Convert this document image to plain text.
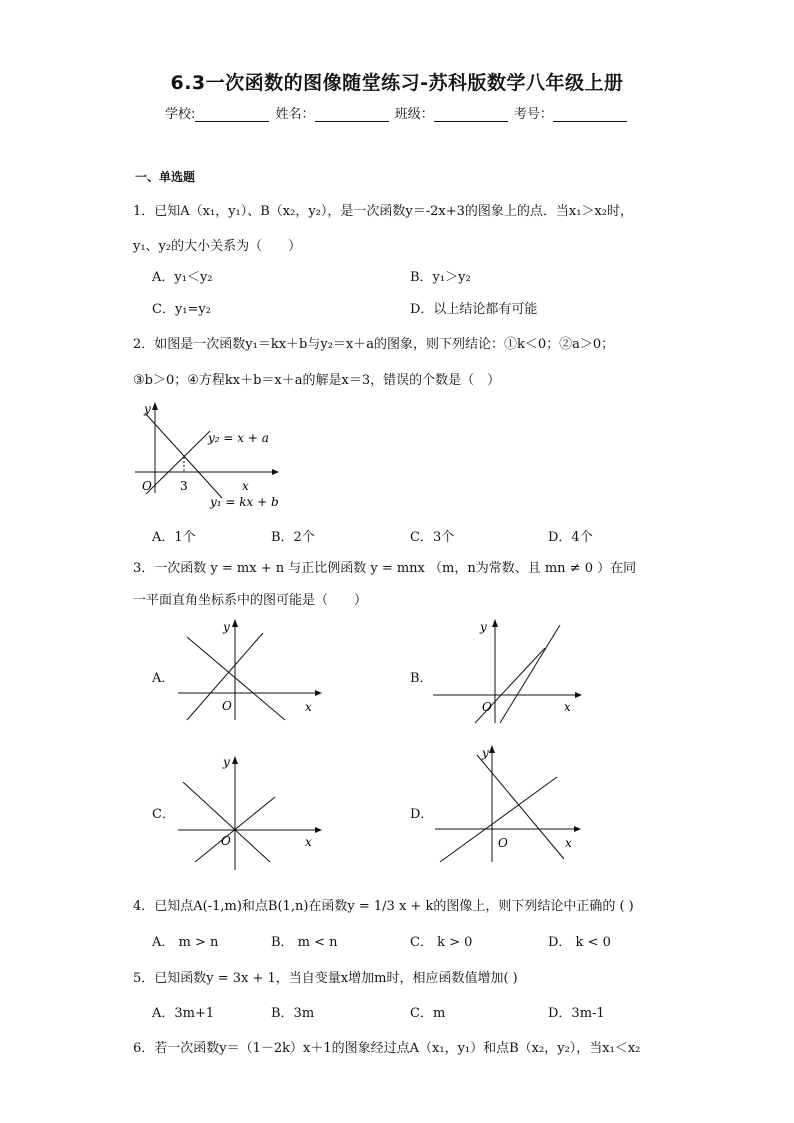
6.3一次函数的图像随堂练习-苏科版数学八年级上册
学校:	姓名：	班级：	考号：
一、单选题
1．已知A（x₁，y₁）、B（x₂，y₂），是一次函数y＝-2x+3的图象上的点．当x₁＞x₂时，
y₁、y₂的大小关系为（　　）
A．y₁＜y₂	B．y₁＞y₂
C．y₁=y₂	D．以上结论都有可能
2．如图是一次函数y₁＝kx＋b与y₂＝x＋a的图象，则下列结论：①k＜0；②a＞0；
③b＞0；④方程kx＋b＝x＋a的解是x＝3，错误的个数是（　）
y
x
O 3
y₂ = x + a
y₁ = kx + b
A．1个	B．2个	C．3个	D．4个
3．一次函数 y = mx + n 与正比例函数 y = mnx （m，n为常数、且 mn ≠ 0 ）在同
一平面直角坐标系中的图可能是（　　）
A．
y
x
O
B．
y
x
O
C．
y
x
O
D．
y
x
O
4．已知点A(-1,m)和点B(1,n)在函数y = 1/3 x + k的图像上，则下列结论中正确的 ( )
A． m > n	B． m < n	C． k > 0	D． k < 0
5．已知函数y = 3x + 1，当自变量x增加m时，相应函数值增加( )
A．3m+1	B．3m	C．m	D．3m-1
6．若一次函数y＝（1－2k）x＋1的图象经过点A（x₁，y₁）和点B（x₂，y₂），当x₁＜x₂
